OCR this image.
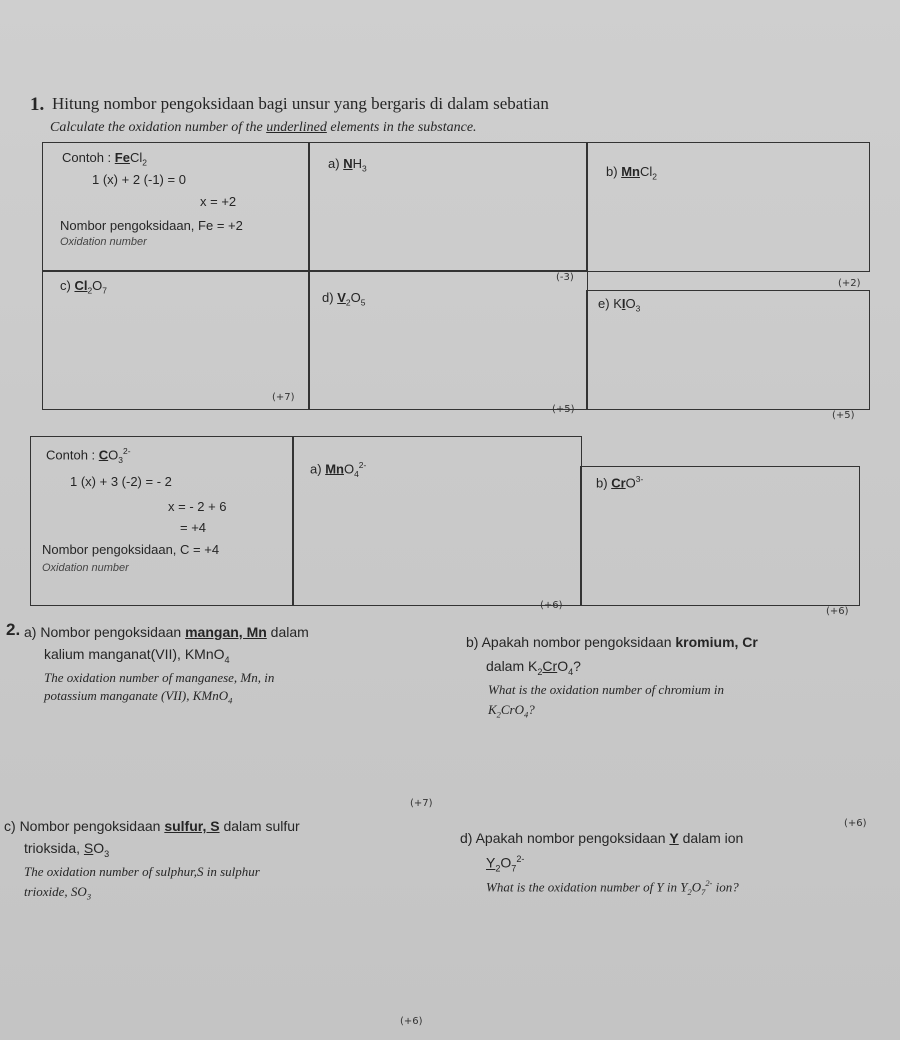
1. Hitung nombor pengoksidaan bagi unsur yang bergaris di dalam sebatian
Calculate the oxidation number of the underlined elements in the substance.
Contoh : FeCl$_2$
1 (x) + 2 (-1) = 0
x = +2
Nombor pengoksidaan, Fe = +2
Oxidation number
a) $NH_3$	b) MnCl$_2$
c) $Cl_2O_7$	d) $V_2O_5$	e) $KIO_3$
(-3)
(+2)
(+7)
(+5)
(+5)
Contoh : $CO_3^{2-}$
1 (x) + 3 (-2) = - 2
x = - 2 + 6
= +4
Nombor pengoksidaan, C = +4
Oxidation number
a) MnO$_4^{2-}$
b) CrO$^{3-}$
(+6)
(+6)
2. a) Nombor pengoksidaan mangan, Mn dalam
kalium manganat(VII), KMnO$_4$
The oxidation number of manganese, Mn, in
potassium manganate (VII), KMnO$_4$
(+7)
b) Apakah nombor pengoksidaan kromium, Cr
dalam $K_2CrO_4$?
What is the oxidation number of chromium in
$K_2CrO_4$?
(+6)
c) Nombor pengoksidaan sulfur, S dalam sulfur
trioksida, $SO_3$
The oxidation number of sulphur,S in sulphur
trioxide, $SO_3$
(+6)
d) Apakah nombor pengoksidaan Y dalam ion
$Y_2O_7^{2-}$
What is the oxidation number of Y in $Y_2O_7^{2-}$ ion?
